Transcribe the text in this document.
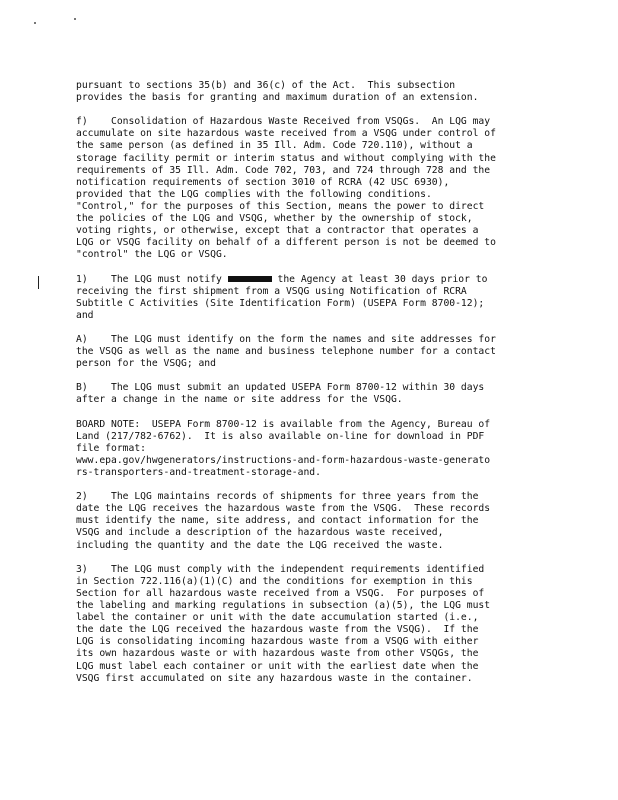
pursuant to sections 35(b) and 36(c) of the Act.  This subsection
provides the basis for granting and maximum duration of an extension.
f)    Consolidation of Hazardous Waste Received from VSQGs.  An LQG may
accumulate on site hazardous waste received from a VSQG under control of
the same person (as defined in 35 Ill. Adm. Code 720.110), without a
storage facility permit or interim status and without complying with the
requirements of 35 Ill. Adm. Code 702, 703, and 724 through 728 and the
notification requirements of section 3010 of RCRA (42 USC 6930),
provided that the LQG complies with the following conditions.
"Control," for the purposes of this Section, means the power to direct
the policies of the LQG and VSQG, whether by the ownership of stock,
voting rights, or otherwise, except that a contractor that operates a
LQG or VSQG facility on behalf of a different person is not be deemed to
"control" the LQG or VSQG.
1)    The LQG must notify	the Agency at least 30 days prior to
receiving the first shipment from a VSQG using Notification of RCRA
Subtitle C Activities (Site Identification Form) (USEPA Form 8700-12);
and
A)    The LQG must identify on the form the names and site addresses for
the VSQG as well as the name and business telephone number for a contact
person for the VSQG; and
B)    The LQG must submit an updated USEPA Form 8700-12 within 30 days
after a change in the name or site address for the VSQG.
BOARD NOTE:  USEPA Form 8700-12 is available from the Agency, Bureau of
Land (217/782-6762).  It is also available on-line for download in PDF
file format:
www.epa.gov/hwgenerators/instructions-and-form-hazardous-waste-generato
rs-transporters-and-treatment-storage-and.
2)    The LQG maintains records of shipments for three years from the
date the LQG receives the hazardous waste from the VSQG.  These records
must identify the name, site address, and contact information for the
VSQG and include a description of the hazardous waste received,
including the quantity and the date the LQG received the waste.
3)    The LQG must comply with the independent requirements identified
in Section 722.116(a)(1)(C) and the conditions for exemption in this
Section for all hazardous waste received from a VSQG.  For purposes of
the labeling and marking regulations in subsection (a)(5), the LQG must
label the container or unit with the date accumulation started (i.e.,
the date the LQG received the hazardous waste from the VSQG).  If the
LQG is consolidating incoming hazardous waste from a VSQG with either
its own hazardous waste or with hazardous waste from other VSQGs, the
LQG must label each container or unit with the earliest date when the
VSQG first accumulated on site any hazardous waste in the container.
